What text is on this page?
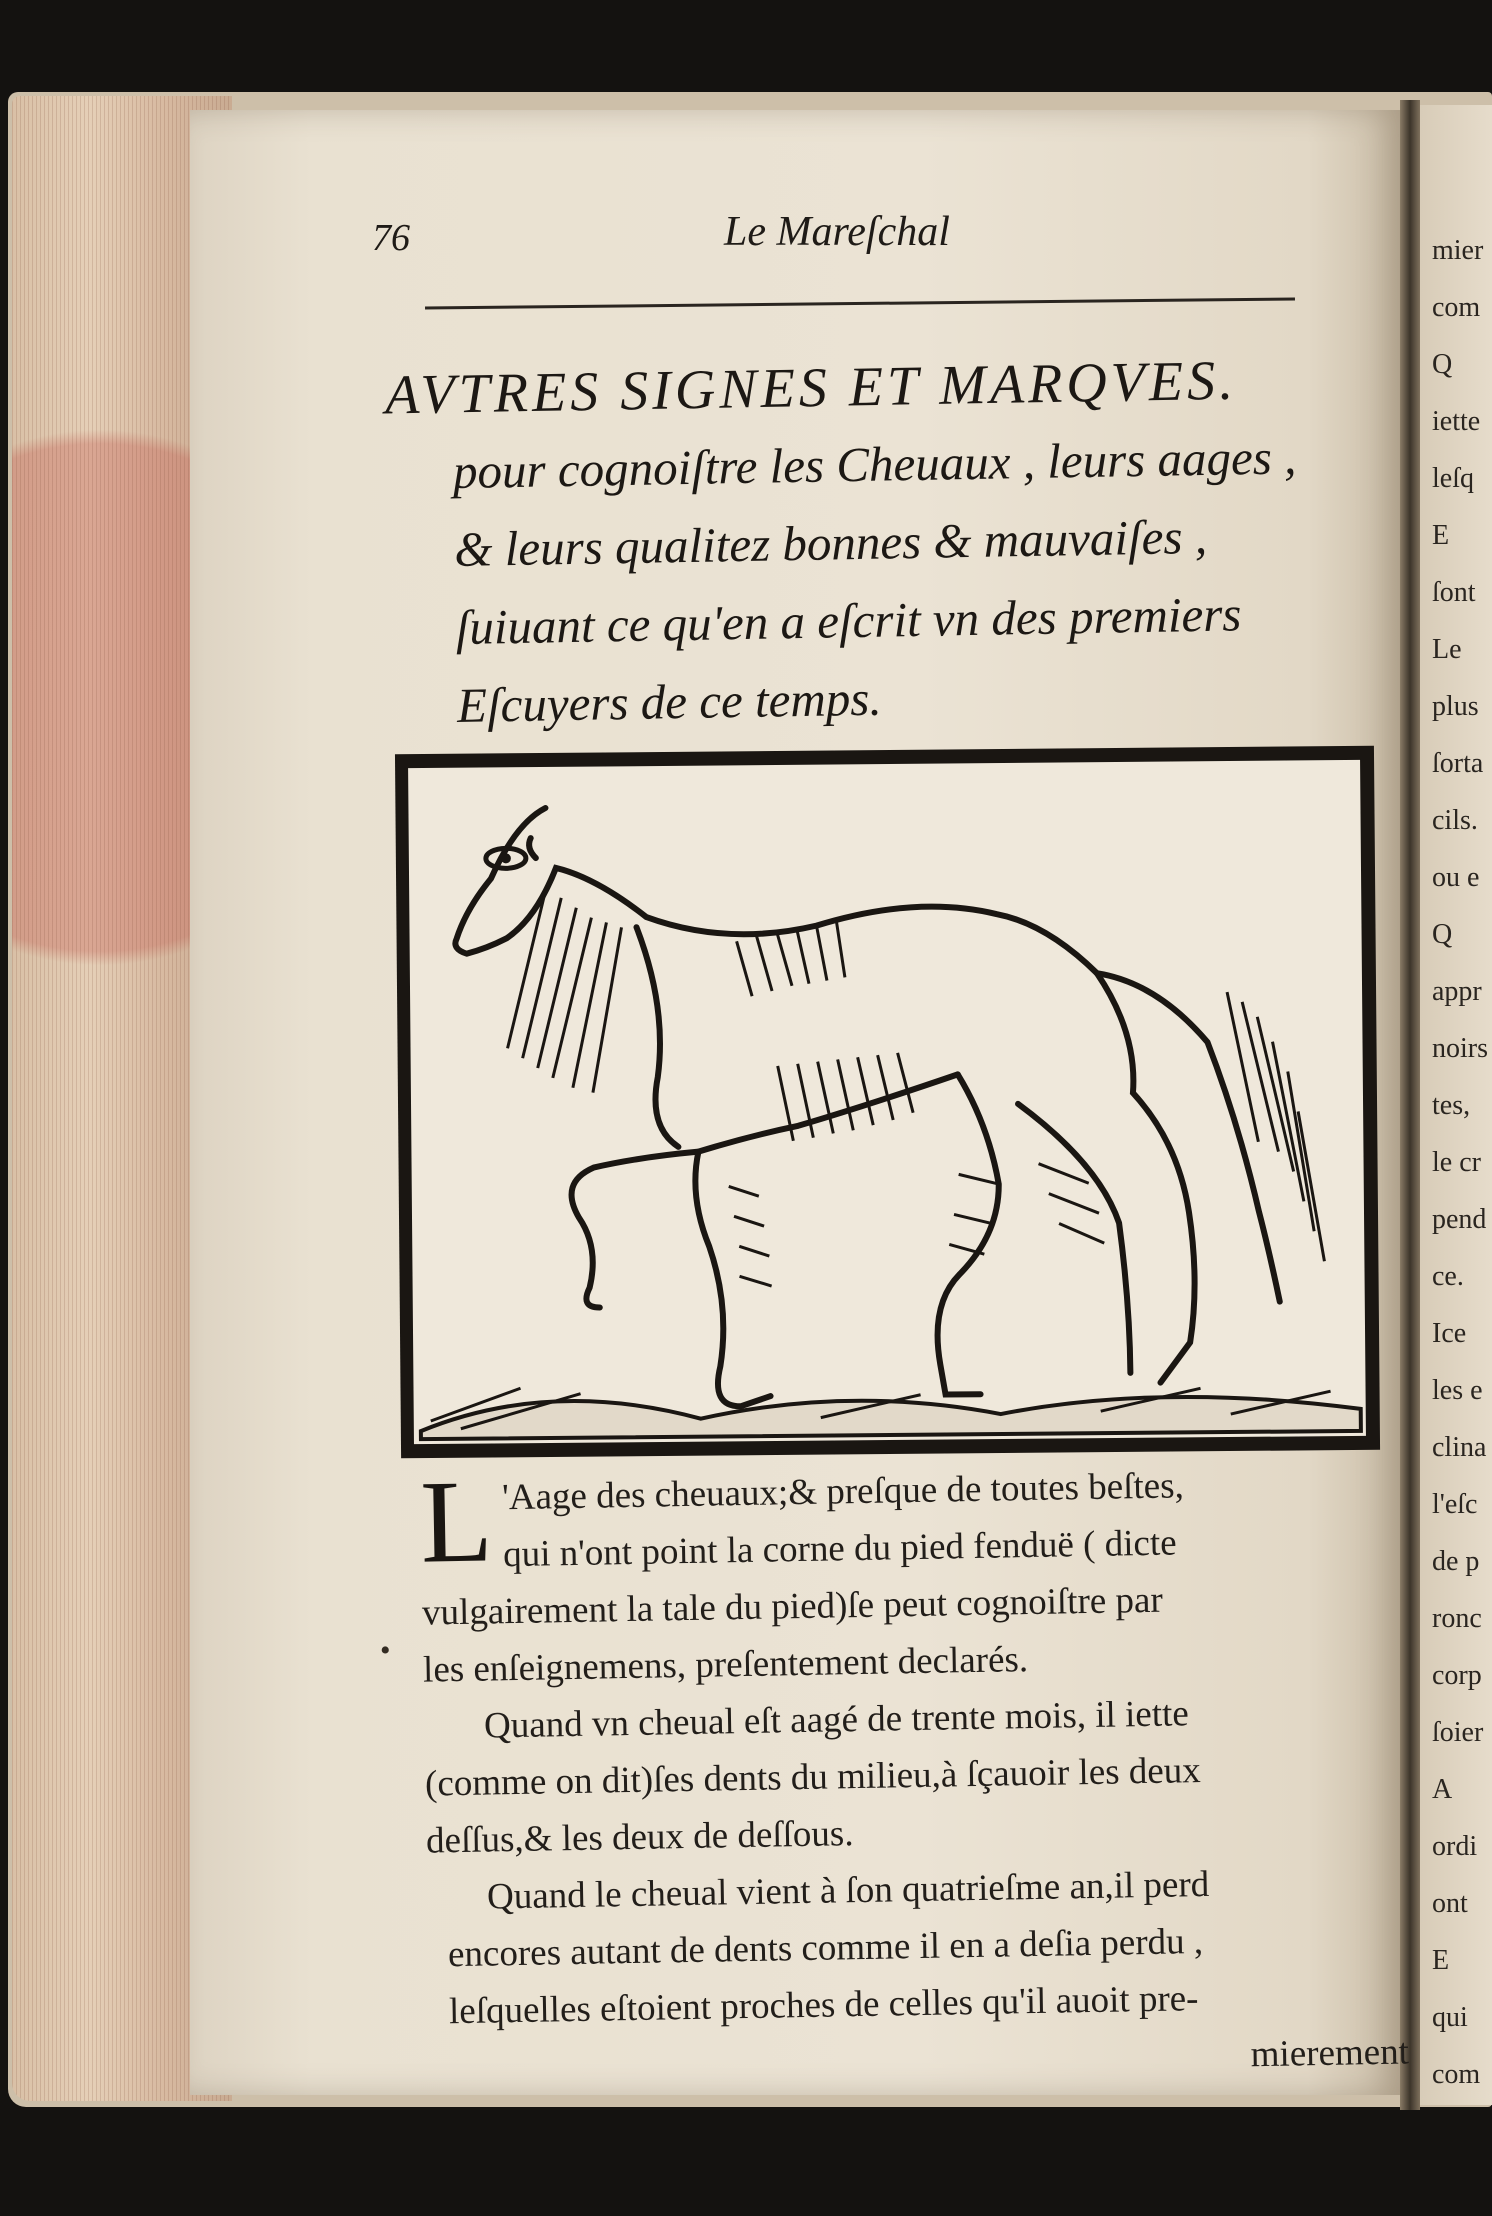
mier
com
Q
iette
leſq
E
ſont
Le
plus
ſorta
cils.
ou e
Q
appr
noirs
tes,
le cr
pend
ce.
Ice
les e
clina
l'eſc
de p
ronc
corp
ſoier
A
ordi
ont
E
qui
com
76	Le Mareſchal
AVTRES SIGNES ET MARQVES.
pour cognoiſtre les Cheuaux , leurs aages ,
& leurs qualitez bonnes & mauvaiſes ,
ſuiuant ce qu'en a eſcrit vn des premiers
Eſcuyers de ce temps.
•
L 'Aage des cheuaux;& preſque de toutes beſtes,
qui n'ont point la corne du pied fenduë ( dicte
vulgairement la tale du pied)ſe peut cognoiſtre par
les enſeignemens, preſentement declarés.
Quand vn cheual eſt aagé de trente mois, il iette
(comme on dit)ſes dents du milieu,à ſçauoir les deux
deſſus,& les deux de deſſous.
Quand le cheual vient à ſon quatrieſme an,il perd
encores autant de dents comme il en a deſia perdu ,
leſquelles eſtoient proches de celles qu'il auoit pre-
mierement
